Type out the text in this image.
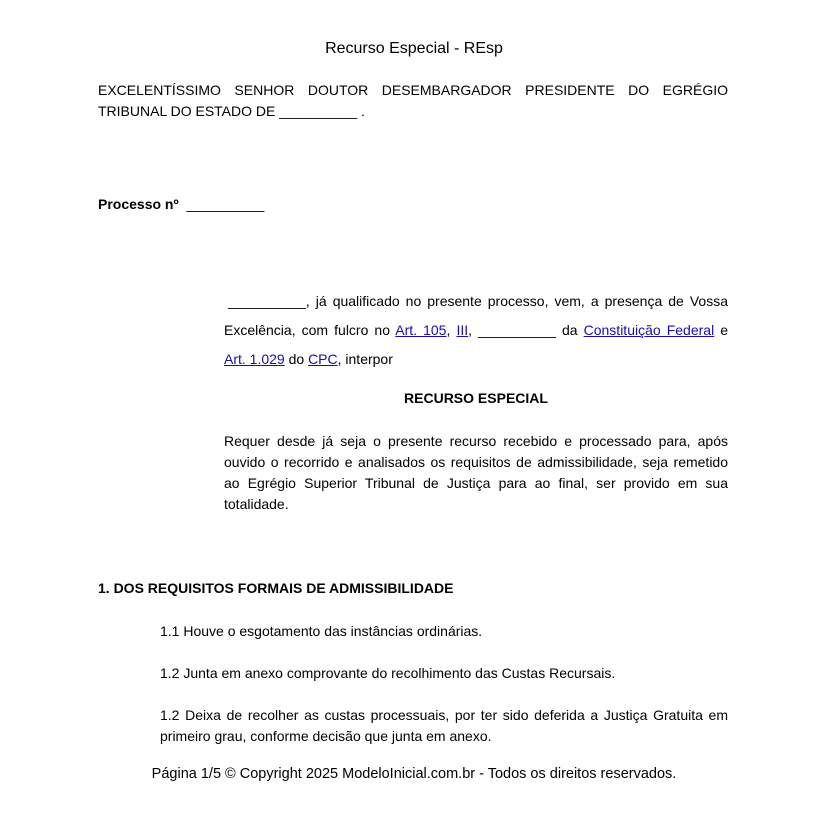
Recurso Especial - REsp
EXCELENTÍSSIMO SENHOR DOUTOR DESEMBARGADOR PRESIDENTE DO EGRÉGIO
TRIBUNAL DO ESTADO DE __________ .
Processo nº __________
__________, já qualificado no presente processo, vem, a presença de Vossa
Excelência, com fulcro no Art. 105, III, __________ da Constituição Federal e
Art. 1.029 do CPC, interpor
RECURSO ESPECIAL
Requer desde já seja o presente recurso recebido e processado para, após ouvido o recorrido e analisados os requisitos de admissibilidade, seja remetido ao Egrégio Superior Tribunal de Justiça para ao final, ser provido em sua totalidade.
1. DOS REQUISITOS FORMAIS DE ADMISSIBILIDADE
1.1 Houve o esgotamento das instâncias ordinárias.
1.2 Junta em anexo comprovante do recolhimento das Custas Recursais.
1.2 Deixa de recolher as custas processuais, por ter sido deferida a Justiça Gratuita em primeiro grau, conforme decisão que junta em anexo.
Página 1/5 © Copyright 2025 ModeloInicial.com.br - Todos os direitos reservados.
